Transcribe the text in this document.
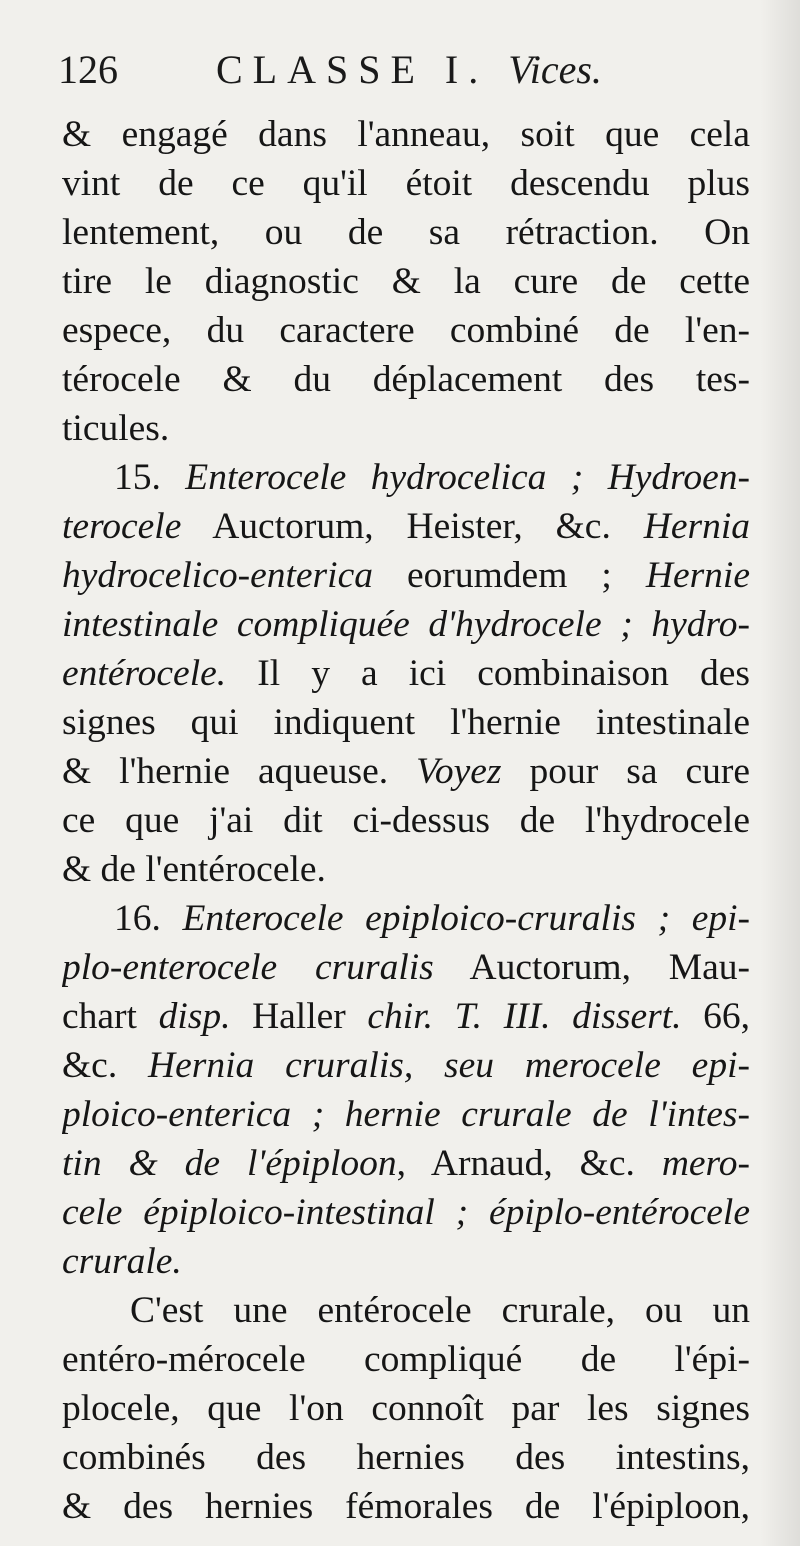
126 CLASSE I. Vices.
& engagé dans l'anneau, soit que cela
vint de ce qu'il étoit descendu plus
lentement, ou de sa rétraction. On
tire le diagnostic & la cure de cette
espece, du caractere combiné de l'en-
térocele & du déplacement des tes-
ticules.
15. Enterocele hydrocelica ; Hydroen-
terocele Auctorum, Heister, &c. Hernia
hydrocelico-enterica eorumdem ; Hernie
intestinale compliquée d'hydrocele ; hydro-
entérocele. Il y a ici combinaison des
signes qui indiquent l'hernie intestinale
& l'hernie aqueuse. Voyez pour sa cure
ce que j'ai dit ci-dessus de l'hydrocele
& de l'entérocele.
16. Enterocele epiploico-cruralis ; epi-
plo-enterocele cruralis Auctorum, Mau-
chart disp. Haller chir. T. III. dissert. 66,
&c. Hernia cruralis, seu merocele epi-
ploico-enterica ; hernie crurale de l'intes-
tin & de l'épiploon, Arnaud, &c. mero-
cele épiploico-intestinal ; épiplo-entérocele
crurale.
C'est une entérocele crurale, ou un
entéro-mérocele compliqué de l'épi-
plocele, que l'on connoît par les signes
combinés des hernies des intestins,
& des hernies fémorales de l'épiploon,
